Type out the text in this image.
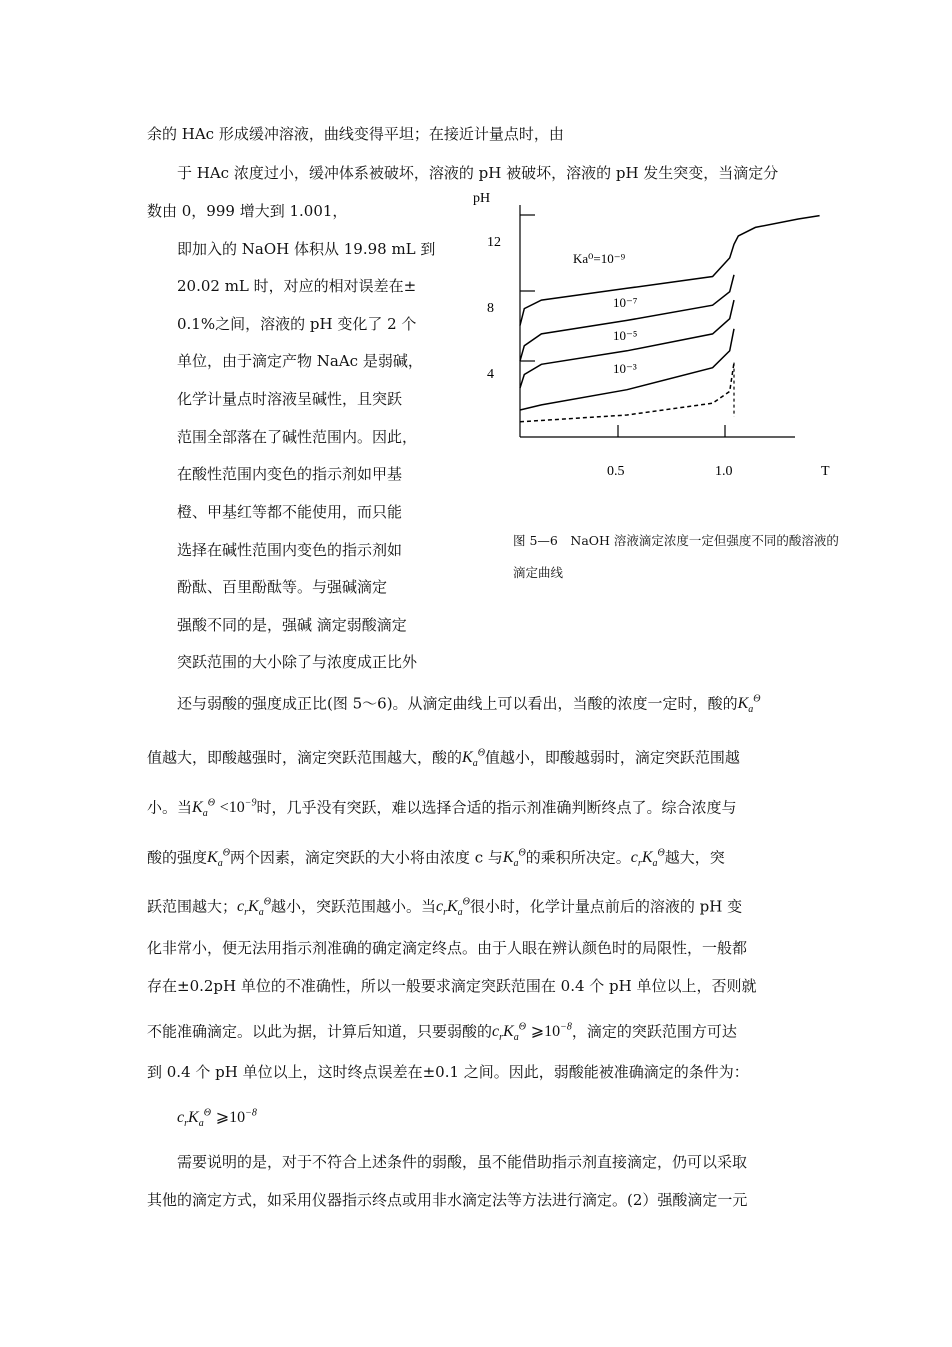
余的 HAc 形成缓冲溶液，曲线变得平坦；在接近计量点时，由
于 HAc 浓度过小，缓冲体系被破坏，溶液的 pH 被破坏，溶液的 pH 发生突变，当滴定分
数由 0，999 增大到 1.001，
即加入的 NaOH 体积从 19.98 mL 到
20.02 mL 时，对应的相对误差在±
0.1%之间，溶液的 pH 变化了 2 个
单位，由于滴定产物 NaAc 是弱碱，
化学计量点时溶液呈碱性，且突跃
范围全部落在了碱性范围内。因此，
在酸性范围内变色的指示剂如甲基
橙、甲基红等都不能使用，而只能
选择在碱性范围内变色的指示剂如
酚酞、百里酚酞等。与强碱滴定
强酸不同的是，强碱 滴定弱酸滴定
突跃范围的大小除了与浓度成正比外
pH
T
12
8
4
0.5	1.0
Ka⁰=10⁻⁹
10⁻⁷
10⁻⁵
10⁻³
图 5—6　NaOH 溶液滴定浓度一定但强度不同的酸溶液的滴定曲线
还与弱酸的强度成正比(图 5～6)。从滴定曲线上可以看出，当酸的浓度一定时，酸的$K_a^\Theta$
值越大，即酸越强时，滴定突跃范围越大，酸的$K_a^\Theta$值越小，即酸越弱时，滴定突跃范围越
小。当$K_a^\Theta <10^{-9}$时，几乎没有突跃，难以选择合适的指示剂准确判断终点了。综合浓度与
酸的强度$K_a^\Theta$两个因素，滴定突跃的大小将由浓度 c 与$K_a^\Theta$的乘积所决定。$c_rK_a^\Theta$越大，突
跃范围越大；$c_rK_a^\Theta$越小，突跃范围越小。当$c_rK_a^\Theta$很小时，化学计量点前后的溶液的 pH 变
化非常小，便无法用指示剂准确的确定滴定终点。由于人眼在辨认颜色时的局限性，一般都
存在±0.2pH 单位的不准确性，所以一般要求滴定突跃范围在 0.4 个 pH 单位以上，否则就
不能准确滴定。以此为据，计算后知道，只要弱酸的$c_rK_a^\Theta$ $⩾10^{-8}$，滴定的突跃范围方可达
到 0.4 个 pH 单位以上，这时终点误差在±0.1 之间。因此，弱酸能被准确滴定的条件为：
$c_rK_a^\Theta$ $⩾10^{-8}$
需要说明的是，对于不符合上述条件的弱酸，虽不能借助指示剂直接滴定，仍可以采取
其他的滴定方式，如采用仪器指示终点或用非水滴定法等方法进行滴定。(2）强酸滴定一元
